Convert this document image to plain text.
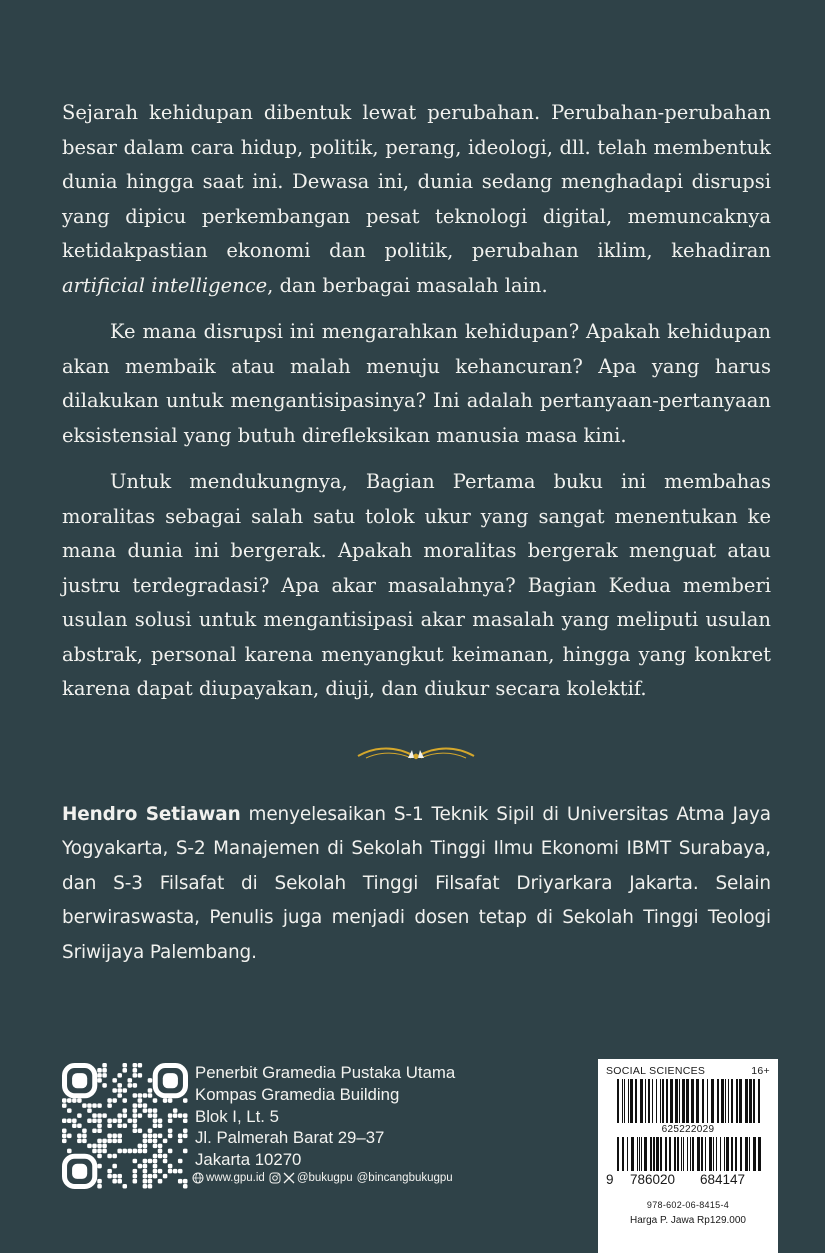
Sejarah kehidupan dibentuk lewat perubahan. Perubahan-perubahan besar dalam cara hidup, politik, perang, ideologi, dll. telah membentuk dunia hingga saat ini. Dewasa ini, dunia sedang menghadapi disrupsi yang dipicu perkembangan pesat teknologi digital, memuncaknya ketidakpastian ekonomi dan politik, perubahan iklim, kehadiran artificial intelligence, dan berbagai masalah lain.

Ke mana disrupsi ini mengarahkan kehidupan? Apakah kehidupan akan membaik atau malah menuju kehancuran? Apa yang harus dilakukan untuk mengantisipasinya? Ini adalah pertanyaan-pertanyaan eksistensial yang butuh direfleksikan manusia masa kini.

Untuk mendukungnya, Bagian Pertama buku ini membahas moralitas sebagai salah satu tolok ukur yang sangat menentukan ke mana dunia ini bergerak. Apakah moralitas bergerak menguat atau justru terdegradasi? Apa akar masalahnya? Bagian Kedua memberi usulan solusi untuk mengantisipasi akar masalah yang meliputi usulan abstrak, personal karena menyangkut keimanan, hingga yang konkret karena dapat diupayakan, diuji, dan diukur secara kolektif.

Hendro Setiawan menyelesaikan S-1 Teknik Sipil di Universitas Atma Jaya Yogyakarta, S-2 Manajemen di Sekolah Tinggi Ilmu Ekonomi IBMT Surabaya, dan S-3 Filsafat di Sekolah Tinggi Filsafat Driyarkara Jakarta. Selain berwiraswasta, Penulis juga menjadi dosen tetap di Sekolah Tinggi Teologi Sriwijaya Palembang.

Penerbit Gramedia Pustaka Utama
Kompas Gramedia Building
Blok I, Lt. 5
Jl. Palmerah Barat 29–37
Jakarta 10270
www.gpu.id	@bukugpu @bincangbukugpu
SOCIAL SCIENCES	16+
625222029
9	786020	684147
978-602-06-8415-4
Harga P. Jawa Rp129.000
